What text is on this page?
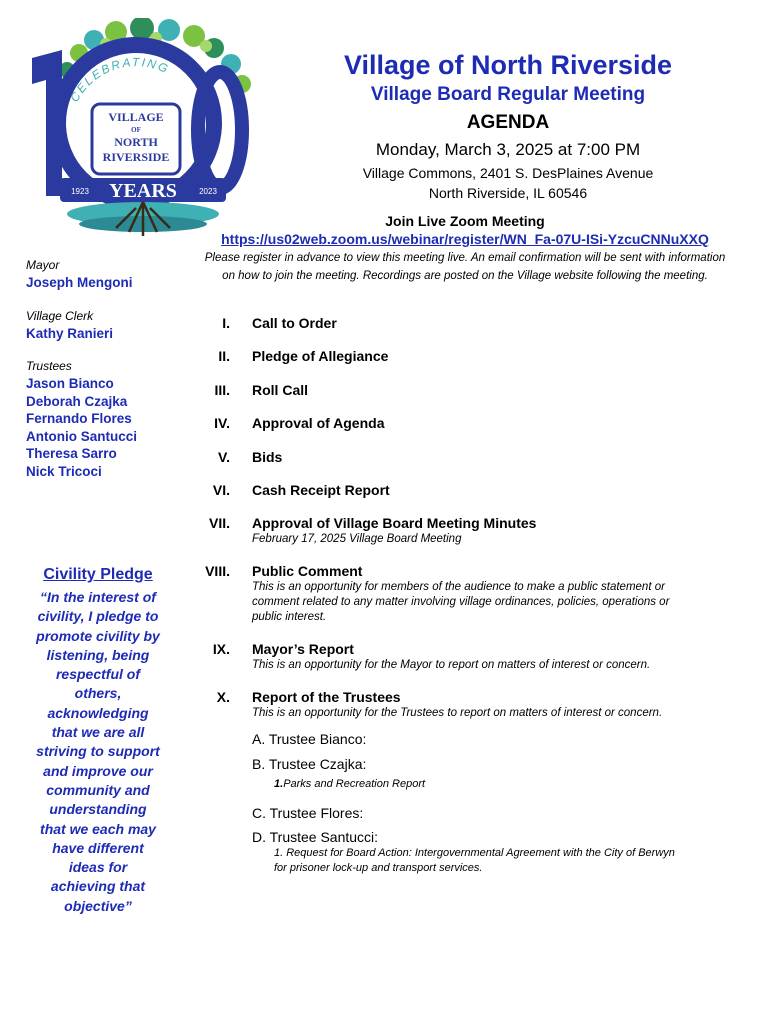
CELEBRATING
VILLAGE
OF
NORTH
RIVERSIDE
YEARS
1923	2023
Village of North Riverside
Village Board Regular Meeting
AGENDA
Monday, March 3, 2025 at 7:00 PM
Village Commons, 2401 S. DesPlaines Avenue
North Riverside, IL 60546
Join Live Zoom Meeting
https://us02web.zoom.us/webinar/register/WN_Fa-07U-ISi-YzcuCNNuXXQ
Please register in advance to view this meeting live. An email confirmation will be sent with information
on how to join the meeting. Recordings are posted on the Village website following the meeting.
Mayor
Joseph Mengoni
Village Clerk
Kathy Ranieri
Trustees
Jason Bianco
Deborah Czajka
Fernando Flores
Antonio Santucci
Theresa Sarro
Nick Tricoci
Civility Pledge
“In the interest of
civility, I pledge to
promote civility by
listening, being
respectful of
others,
acknowledging
that we are all
striving to support
and improve our
community and
understanding
that we each may
have different
ideas for
achieving that
objective”
I. Call to Order
II. Pledge of Allegiance
III. Roll Call
IV. Approval of Agenda
V. Bids
VI. Cash Receipt Report
VII. Approval of Village Board Meeting Minutes
February 17, 2025 Village Board Meeting
VIII. Public Comment
This is an opportunity for members of the audience to make a public statement or
comment related to any matter involving village ordinances, policies, operations or
public interest.
IX. Mayor’s Report
This is an opportunity for the Mayor to report on matters of interest or concern.
X. Report of the Trustees
This is an opportunity for the Trustees to report on matters of interest or concern.
A. Trustee Bianco:
B. Trustee Czajka:
1.Parks and Recreation Report
C. Trustee Flores:
D. Trustee Santucci:
1. Request for Board Action: Intergovernmental Agreement with the City of Berwyn
for prisoner lock-up and transport services.
